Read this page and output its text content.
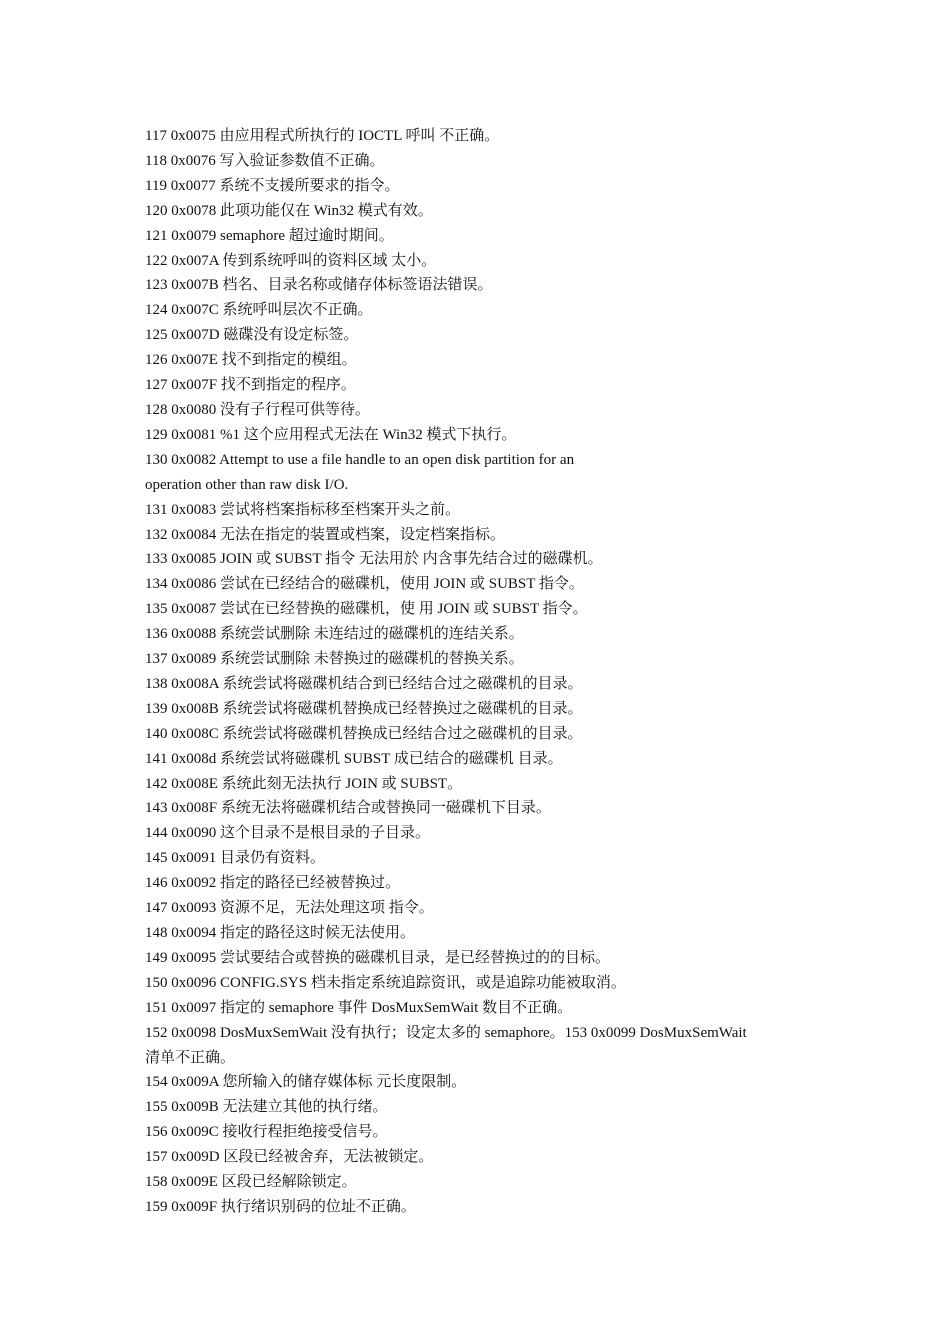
117 0x0075 由应用程式所执行的 IOCTL 呼叫 不正确。
118 0x0076 写入验证参数值不正确。
119 0x0077 系统不支援所要求的指令。
120 0x0078 此项功能仅在 Win32 模式有效。
121 0x0079 semaphore 超过逾时期间。
122 0x007A 传到系统呼叫的资料区域 太小。
123 0x007B 档名、目录名称或储存体标签语法错误。
124 0x007C 系统呼叫层次不正确。
125 0x007D 磁碟没有设定标签。
126 0x007E 找不到指定的模组。
127 0x007F 找不到指定的程序。
128 0x0080 没有子行程可供等待。
129 0x0081 %1 这个应用程式无法在 Win32 模式下执行。
130 0x0082 Attempt to use a file handle to an open disk partition for an
operation other than raw disk I/O.
131 0x0083 尝试将档案指标移至档案开头之前。
132 0x0084 无法在指定的装置或档案，设定档案指标。
133 0x0085 JOIN 或 SUBST 指令 无法用於 内含事先结合过的磁碟机。
134 0x0086 尝试在已经结合的磁碟机，使用 JOIN 或 SUBST 指令。
135 0x0087 尝试在已经替换的磁碟机，使 用 JOIN 或 SUBST 指令。
136 0x0088 系统尝试删除 未连结过的磁碟机的连结关系。
137 0x0089 系统尝试删除 未替换过的磁碟机的替换关系。
138 0x008A 系统尝试将磁碟机结合到已经结合过之磁碟机的目录。
139 0x008B 系统尝试将磁碟机替换成已经替换过之磁碟机的目录。
140 0x008C 系统尝试将磁碟机替换成已经结合过之磁碟机的目录。
141 0x008d 系统尝试将磁碟机 SUBST 成已结合的磁碟机 目录。
142 0x008E 系统此刻无法执行 JOIN 或 SUBST。
143 0x008F 系统无法将磁碟机结合或替换同一磁碟机下目录。
144 0x0090 这个目录不是根目录的子目录。
145 0x0091 目录仍有资料。
146 0x0092 指定的路径已经被替换过。
147 0x0093 资源不足，无法处理这项 指令。
148 0x0094 指定的路径这时候无法使用。
149 0x0095 尝试要结合或替换的磁碟机目录，是已经替换过的的目标。
150 0x0096 CONFIG.SYS 档未指定系统追踪资讯，或是追踪功能被取消。
151 0x0097 指定的 semaphore 事件 DosMuxSemWait 数目不正确。
152 0x0098 DosMuxSemWait 没有执行；设定太多的 semaphore。153 0x0099 DosMuxSemWait
清单不正确。
154 0x009A 您所输入的储存媒体标 元长度限制。
155 0x009B 无法建立其他的执行绪。
156 0x009C 接收行程拒绝接受信号。
157 0x009D 区段已经被舍弃，无法被锁定。
158 0x009E 区段已经解除锁定。
159 0x009F 执行绪识别码的位址不正确。
